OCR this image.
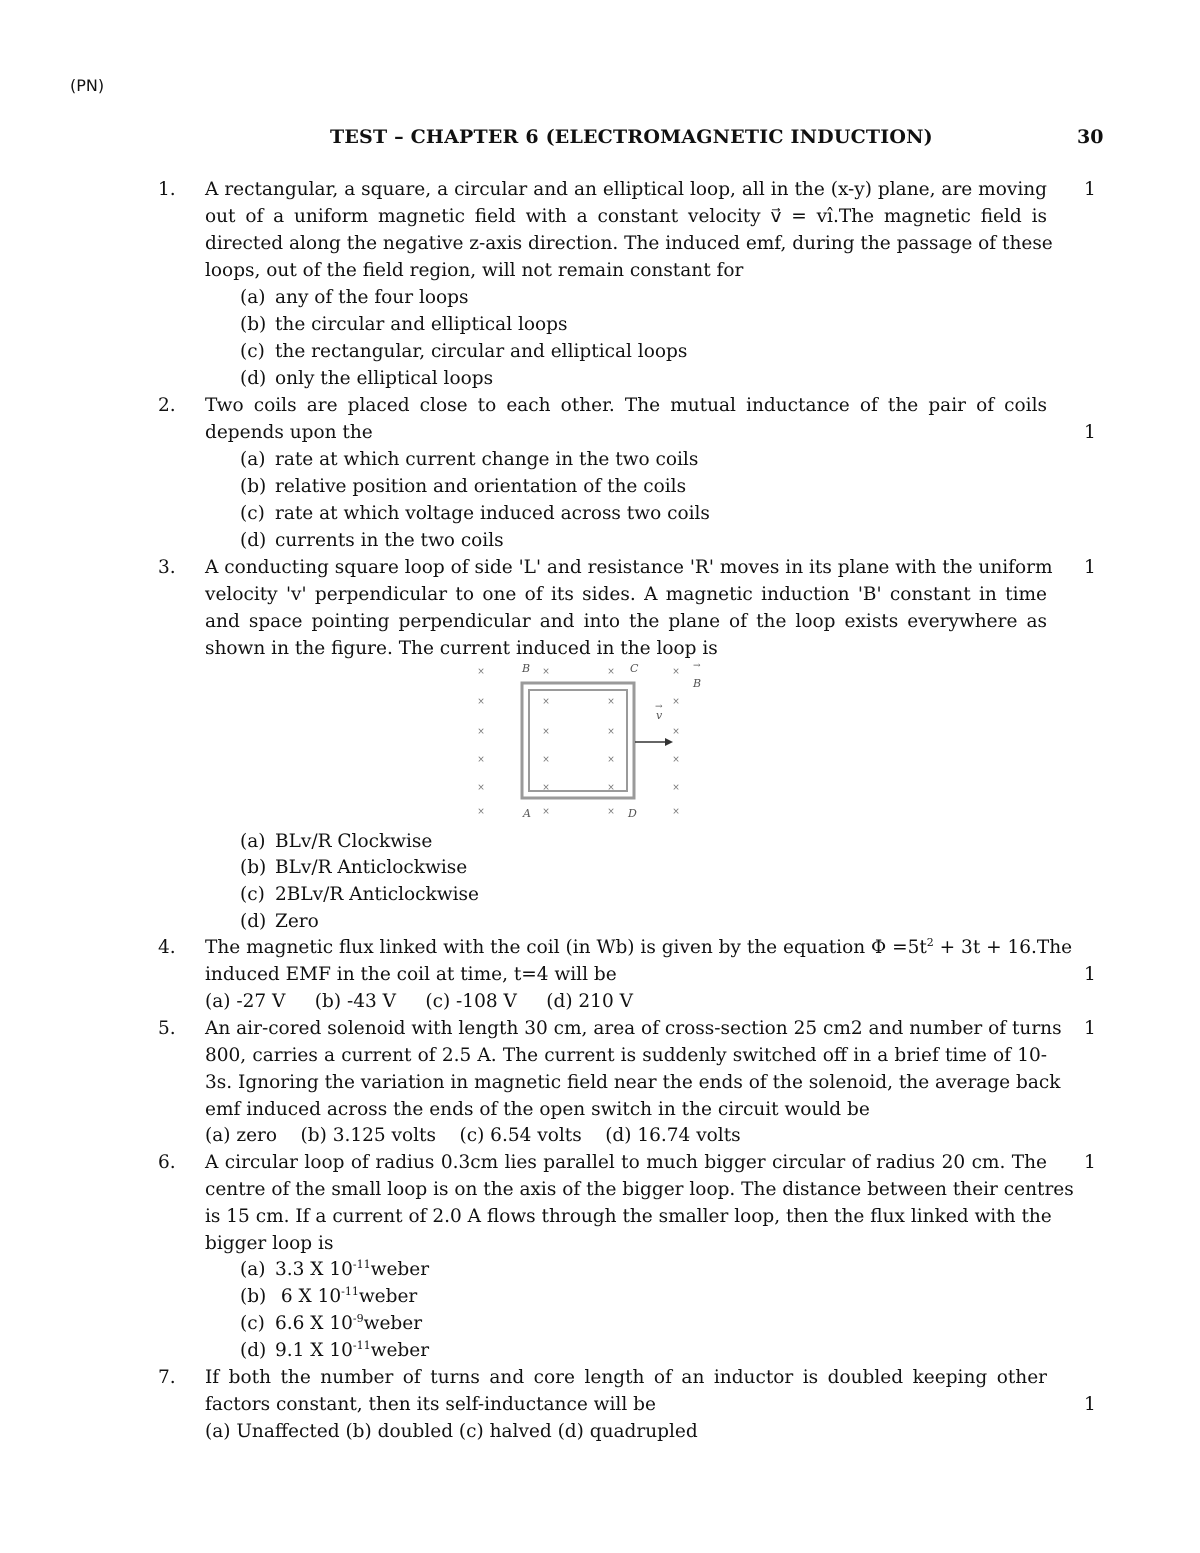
(PN)
TEST – CHAPTER 6 (ELECTROMAGNETIC INDUCTION)	30
1.	1
A rectangular, a square, a circular and an elliptical loop, all in the (x-y) plane, are moving
out of a uniform magnetic field with a constant velocity v⃗ = vî.The magnetic field is
directed along the negative z-axis direction. The induced emf, during the passage of these
loops, out of the field region, will not remain constant for
(a) any of the four loops
(b) the circular and elliptical loops
(c) the rectangular, circular and elliptical loops
(d) only the elliptical loops
2. Two coils are placed close to each other. The mutual inductance of the pair of coils
depends upon the	1
(a) rate at which current change in the two coils
(b) relative position and orientation of the coils
(c) rate at which voltage induced across two coils
(d) currents in the two coils
3.	1
A conducting square loop of side 'L' and resistance 'R' moves in its plane with the uniform
velocity 'v' perpendicular to one of its sides. A magnetic induction 'B' constant in time
and space pointing perpendicular and into the plane of the loop exists everywhere as
shown in the figure. The current induced in the loop is
×	×	×	×
×	×	×	×
×	×	×	×
×	×	×	×
×	×	×	×
×	×	×	×
B	C
A	D
B
v
→
→
(a) BLv/R Clockwise
(b) BLv/R Anticlockwise
(c) 2BLv/R Anticlockwise
(d) Zero
4. The magnetic flux linked with the coil (in Wb) is given by the equation $\Phi =5t^2 + 3t + 16.The$
induced EMF in the coil at time, t=4 will be	1
(a) -27 V     (b) -43 V     (c) -108 V     (d) 210 V
5.	1
An air-cored solenoid with length 30 cm, area of cross-section 25 cm2 and number of turns
800, carries a current of 2.5 A. The current is suddenly switched off in a brief time of 10-
3s. Ignoring the variation in magnetic field near the ends of the solenoid, the average back
emf induced across the ends of the open switch in the circuit would be
(a) zero    (b) 3.125 volts    (c) 6.54 volts    (d) 16.74 volts
6.	1
A circular loop of radius 0.3cm lies parallel to much bigger circular of radius 20 cm. The
centre of the small loop is on the axis of the bigger loop. The distance between their centres
is 15 cm. If a current of 2.0 A flows through the smaller loop, then the flux linked with the
bigger loop is
(a) 3.3 X $10^{-11}weber$
(b) 6 X $10^{-11}weber$
(c) 6.6 X $10^{-9}weber$
(d) 9.1 X $10^{-11}weber$
7. If both the number of turns and core length of an inductor is doubled keeping other
factors constant, then its self-inductance will be	1
(a) Unaffected (b) doubled (c) halved (d) quadrupled
